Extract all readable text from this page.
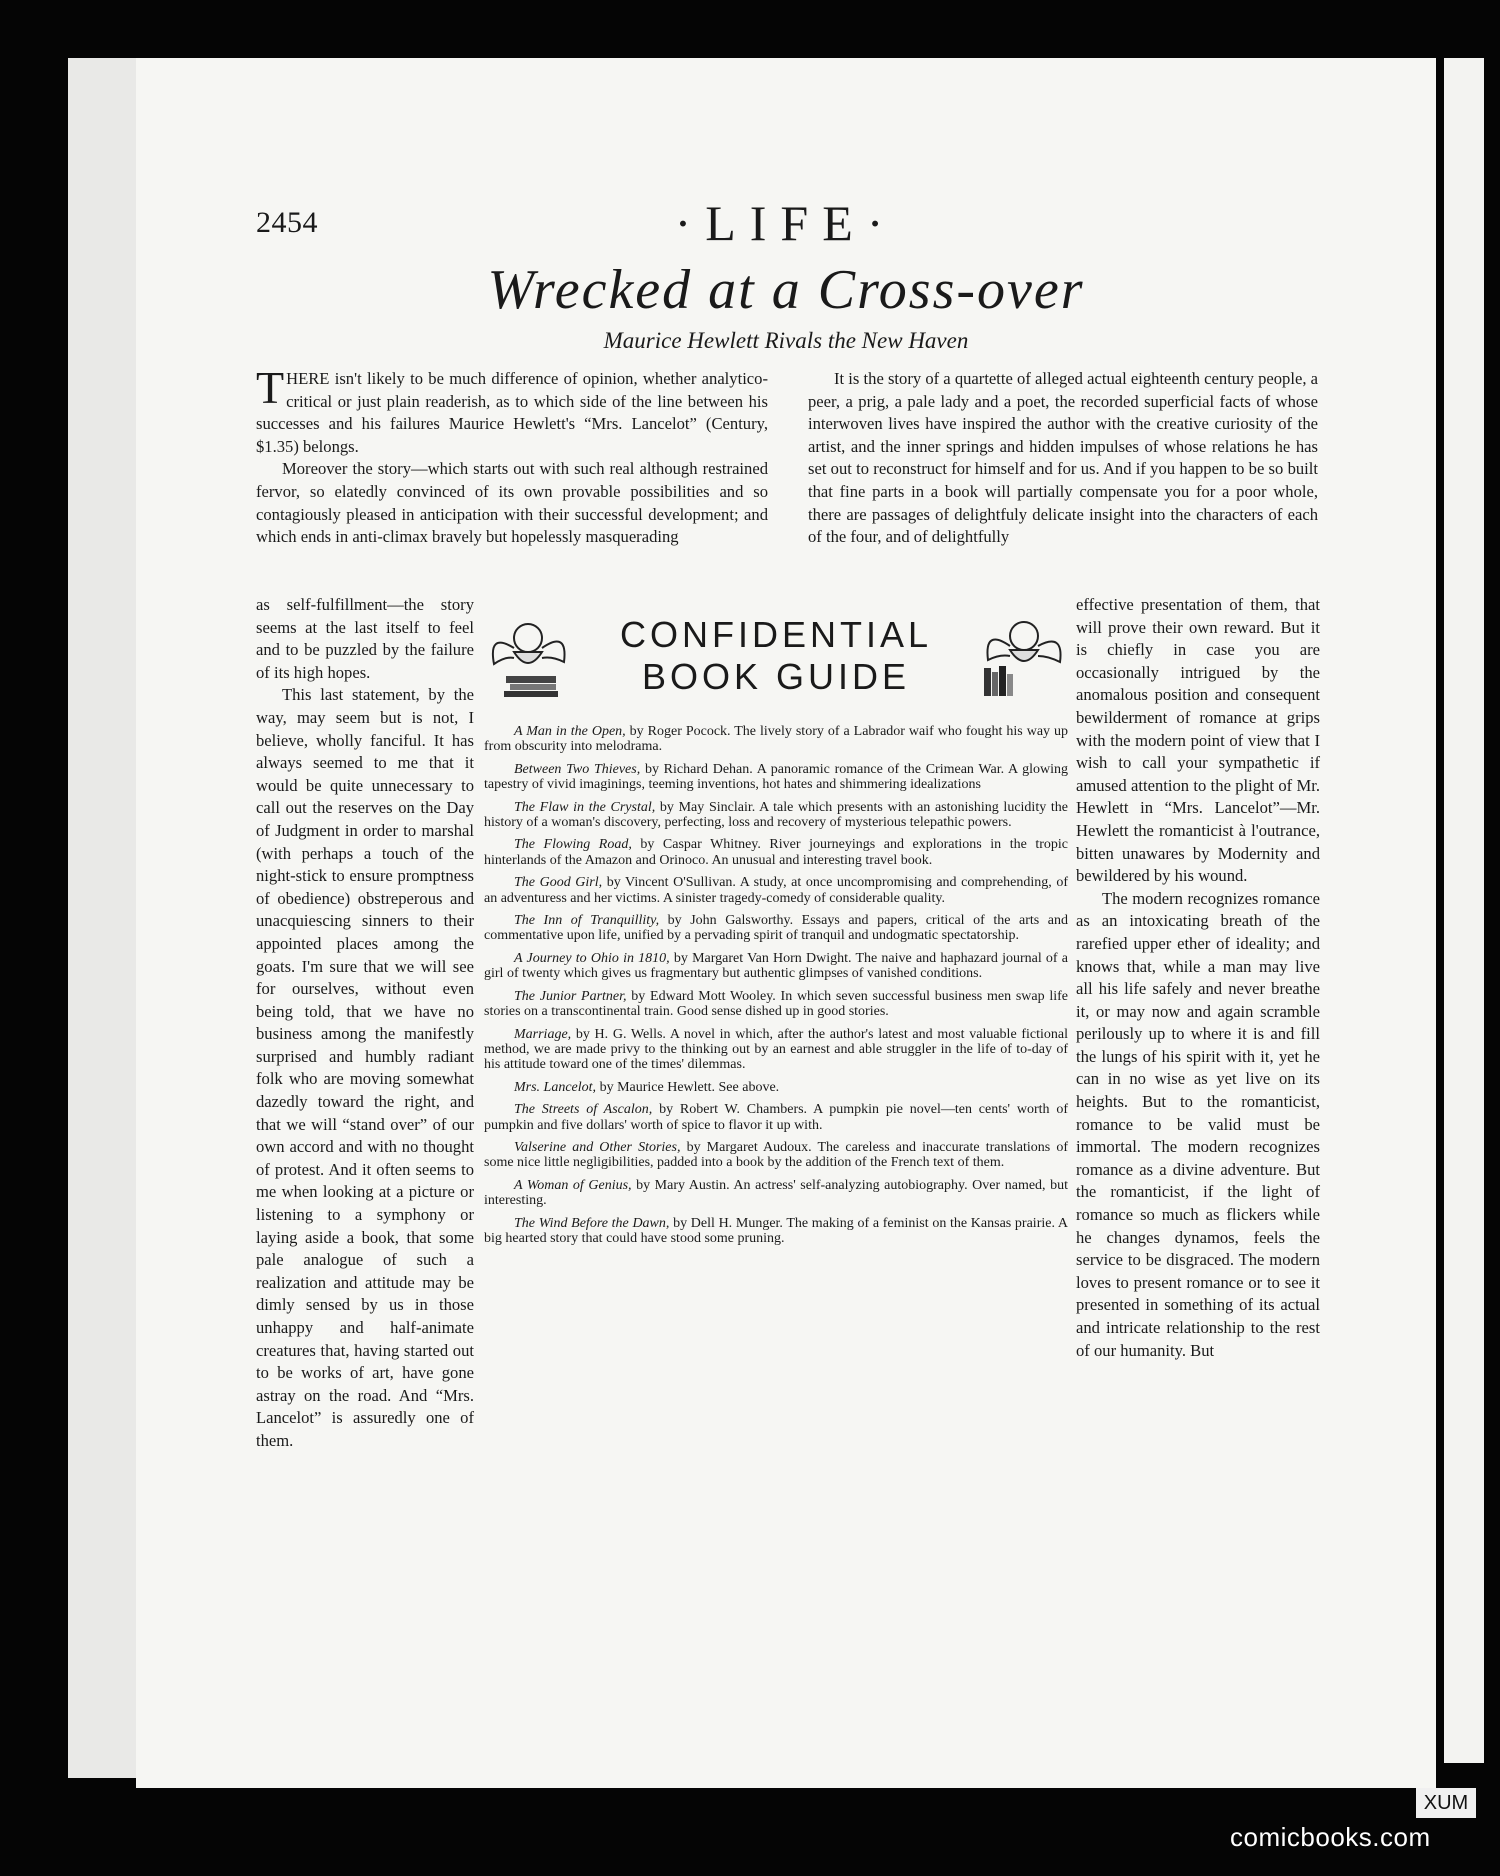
2454	·LIFE·
Wrecked at a Cross-over
Maurice Hewlett Rivals the New Haven

THERE isn't likely to be much difference of opinion, whether analytico-critical or just plain readerish, as to which side of the line between his successes and his failures Maurice Hewlett's “Mrs. Lancelot” (Century, $1.35) belongs.

Moreover the story—which starts out with such real although restrained fervor, so elatedly convinced of its own provable possibilities and so contagiously pleased in anticipation with their successful development; and which ends in anti-climax bravely but hopelessly masquerading

It is the story of a quartette of alleged actual eighteenth century people, a peer, a prig, a pale lady and a poet, the recorded superficial facts of whose interwoven lives have inspired the author with the creative curiosity of the artist, and the inner springs and hidden impulses of whose relations he has set out to reconstruct for himself and for us. And if you happen to be so built that fine parts in a book will partially compensate you for a poor whole, there are passages of delightfuly delicate insight into the characters of each of the four, and of delightfully

as self-fulfillment—the story seems at the last itself to feel and to be puzzled by the failure of its high hopes.

This last statement, by the way, may seem but is not, I believe, wholly fanciful. It has always seemed to me that it would be quite unnecessary to call out the reserves on the Day of Judgment in order to marshal (with perhaps a touch of the night-stick to ensure promptness of obedience) obstreperous and unacquiescing sinners to their appointed places among the goats. I'm sure that we will see for ourselves, without even being told, that we have no business among the manifestly surprised and humbly radiant folk who are moving somewhat dazedly toward the right, and that we will “stand over” of our own accord and with no thought of protest. And it often seems to me when looking at a picture or listening to a symphony or laying aside a book, that some pale analogue of such a realization and attitude may be dimly sensed by us in those unhappy and half-animate creatures that, having started out to be works of art, have gone astray on the road. And “Mrs. Lancelot” is assuredly one of them.

effective presentation of them, that will prove their own reward. But it is chiefly in case you are occasionally intrigued by the anomalous position and consequent bewilderment of romance at grips with the modern point of view that I wish to call your sympathetic if amused attention to the plight of Mr. Hewlett in “Mrs. Lancelot”—Mr. Hewlett the romanticist à l'outrance, bitten unawares by Modernity and bewildered by his wound.

The modern recognizes romance as an intoxicating breath of the rarefied upper ether of ideality; and knows that, while a man may live all his life safely and never breathe it, or may now and again scramble perilously up to where it is and fill the lungs of his spirit with it, yet he can in no wise as yet live on its heights. But to the romanticist, romance to be valid must be immortal. The modern recognizes romance as a divine adventure. But the romanticist, if the light of romance so much as flickers while he changes dynamos, feels the service to be disgraced. The modern loves to present romance or to see it presented in something of its actual and intricate relationship to the rest of our humanity. But

CONFIDENTIAL
BOOK GUIDE

A Man in the Open, by Roger Pocock. The lively story of a Labrador waif who fought his way up from obscurity into melodrama.

Between Two Thieves, by Richard Dehan. A panoramic romance of the Crimean War. A glowing tapestry of vivid imaginings, teeming inventions, hot hates and shimmering idealizations

The Flaw in the Crystal, by May Sinclair. A tale which presents with an astonishing lucidity the history of a woman's discovery, perfecting, loss and recovery of mysterious telepathic powers.

The Flowing Road, by Caspar Whitney. River journeyings and explorations in the tropic hinterlands of the Amazon and Orinoco. An unusual and interesting travel book.

The Good Girl, by Vincent O'Sullivan. A study, at once uncompromising and comprehending, of an adventuress and her victims. A sinister tragedy-comedy of considerable quality.

The Inn of Tranquillity, by John Galsworthy. Essays and papers, critical of the arts and commentative upon life, unified by a pervading spirit of tranquil and undogmatic spectatorship.

A Journey to Ohio in 1810, by Margaret Van Horn Dwight. The naive and haphazard journal of a girl of twenty which gives us fragmentary but authentic glimpses of vanished conditions.

The Junior Partner, by Edward Mott Wooley. In which seven successful business men swap life stories on a transcontinental train. Good sense dished up in good stories.

Marriage, by H. G. Wells. A novel in which, after the author's latest and most valuable fictional method, we are made privy to the thinking out by an earnest and able struggler in the life of to-day of his attitude toward one of the times' dilemmas.

Mrs. Lancelot, by Maurice Hewlett. See above.

The Streets of Ascalon, by Robert W. Chambers. A pumpkin pie novel—ten cents' worth of pumpkin and five dollars' worth of spice to flavor it up with.

Valserine and Other Stories, by Margaret Audoux. The careless and inaccurate translations of some nice little negligibilities, padded into a book by the addition of the French text of them.

A Woman of Genius, by Mary Austin. An actress' self-analyzing autobiography. Over named, but interesting.

The Wind Before the Dawn, by Dell H. Munger. The making of a feminist on the Kansas prairie. A big hearted story that could have stood some pruning.

XUM
comicbooks.com
